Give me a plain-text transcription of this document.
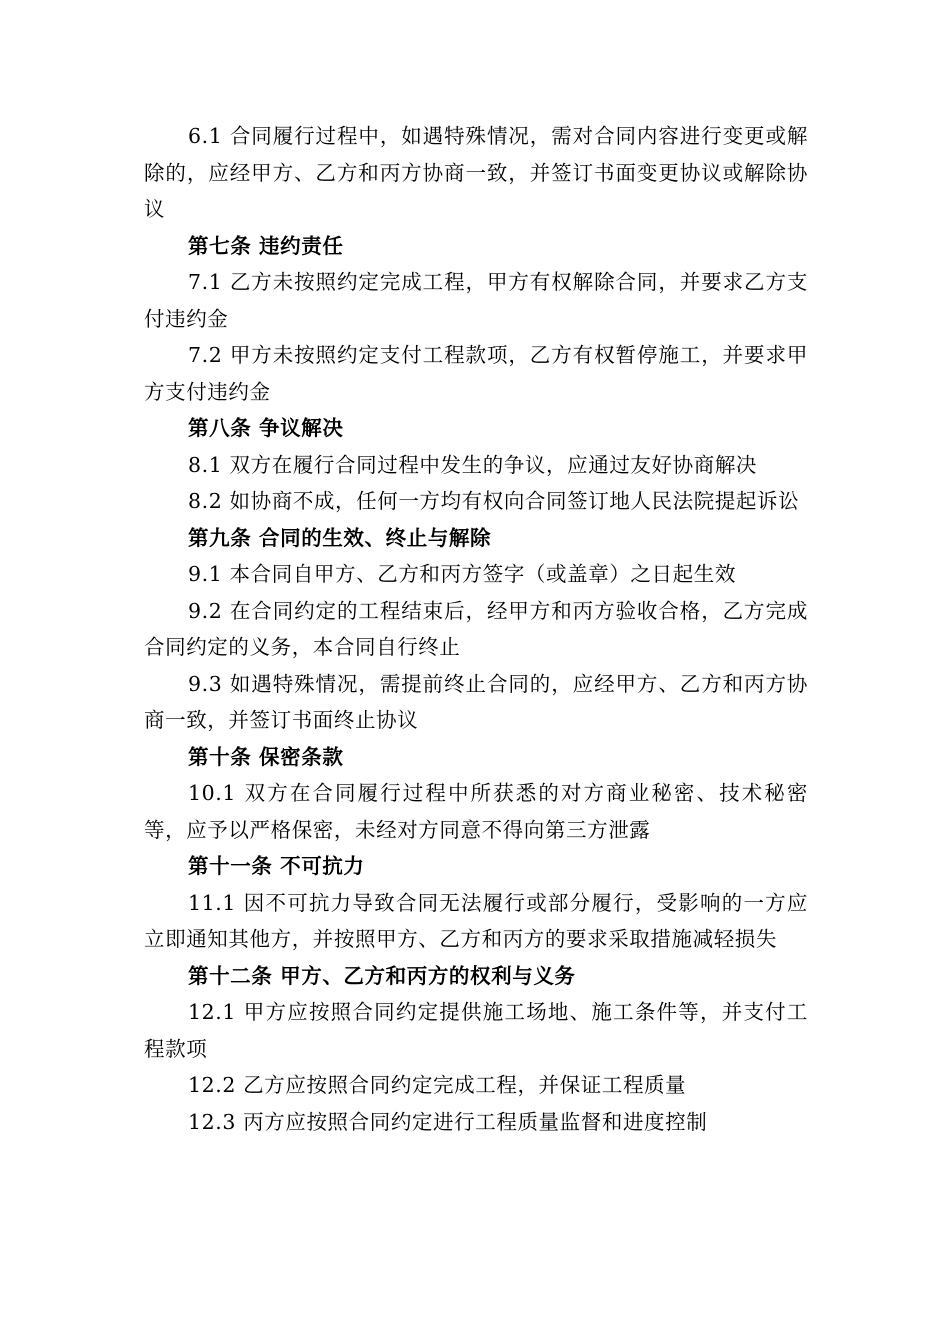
6.1 合同履行过程中，如遇特殊情况，需对合同内容进行变更或解除的，应经甲方、乙方和丙方协商一致，并签订书面变更协议或解除协议

第七条 违约责任

7.1 乙方未按照约定完成工程，甲方有权解除合同，并要求乙方支付违约金

7.2 甲方未按照约定支付工程款项，乙方有权暂停施工，并要求甲方支付违约金

第八条 争议解决

8.1 双方在履行合同过程中发生的争议，应通过友好协商解决

8.2 如协商不成，任何一方均有权向合同签订地人民法院提起诉讼

第九条 合同的生效、终止与解除

9.1 本合同自甲方、乙方和丙方签字（或盖章）之日起生效

9.2 在合同约定的工程结束后，经甲方和丙方验收合格，乙方完成合同约定的义务，本合同自行终止

9.3 如遇特殊情况，需提前终止合同的，应经甲方、乙方和丙方协商一致，并签订书面终止协议

第十条 保密条款

10.1 双方在合同履行过程中所获悉的对方商业秘密、技术秘密等，应予以严格保密，未经对方同意不得向第三方泄露

第十一条 不可抗力

11.1 因不可抗力导致合同无法履行或部分履行，受影响的一方应立即通知其他方，并按照甲方、乙方和丙方的要求采取措施减轻损失

第十二条 甲方、乙方和丙方的权利与义务

12.1 甲方应按照合同约定提供施工场地、施工条件等，并支付工程款项

12.2 乙方应按照合同约定完成工程，并保证工程质量

12.3 丙方应按照合同约定进行工程质量监督和进度控制
